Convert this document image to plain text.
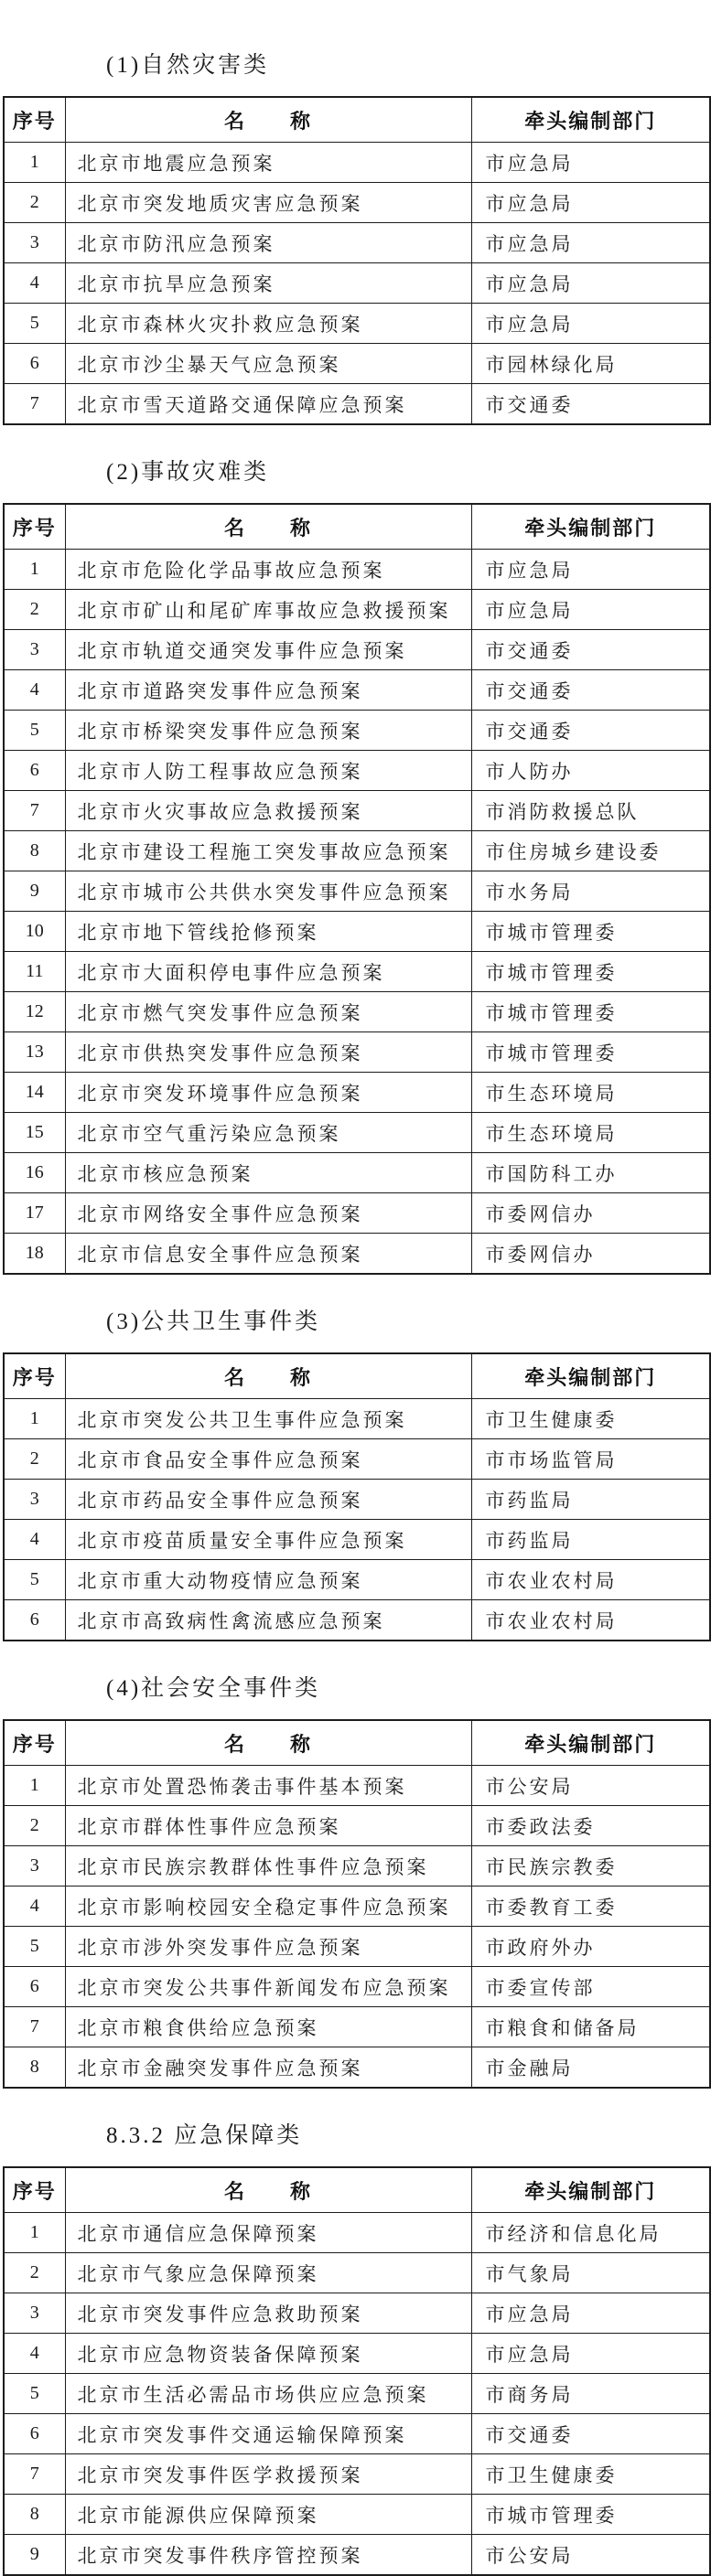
(1)自然灾害类
序号	名　　称	牵头编制部门
1	北京市地震应急预案	市应急局
2	北京市突发地质灾害应急预案	市应急局
3	北京市防汛应急预案	市应急局
4	北京市抗旱应急预案	市应急局
5	北京市森林火灾扑救应急预案	市应急局
6	北京市沙尘暴天气应急预案	市园林绿化局
7	北京市雪天道路交通保障应急预案	市交通委
(2)事故灾难类
序号	名　　称	牵头编制部门
1	北京市危险化学品事故应急预案	市应急局
2	北京市矿山和尾矿库事故应急救援预案	市应急局
3	北京市轨道交通突发事件应急预案	市交通委
4	北京市道路突发事件应急预案	市交通委
5	北京市桥梁突发事件应急预案	市交通委
6	北京市人防工程事故应急预案	市人防办
7	北京市火灾事故应急救援预案	市消防救援总队
8	北京市建设工程施工突发事故应急预案	市住房城乡建设委
9	北京市城市公共供水突发事件应急预案	市水务局
10	北京市地下管线抢修预案	市城市管理委
11	北京市大面积停电事件应急预案	市城市管理委
12	北京市燃气突发事件应急预案	市城市管理委
13	北京市供热突发事件应急预案	市城市管理委
14	北京市突发环境事件应急预案	市生态环境局
15	北京市空气重污染应急预案	市生态环境局
16	北京市核应急预案	市国防科工办
17	北京市网络安全事件应急预案	市委网信办
18	北京市信息安全事件应急预案	市委网信办
(3)公共卫生事件类
序号	名　　称	牵头编制部门
1	北京市突发公共卫生事件应急预案	市卫生健康委
2	北京市食品安全事件应急预案	市市场监管局
3	北京市药品安全事件应急预案	市药监局
4	北京市疫苗质量安全事件应急预案	市药监局
5	北京市重大动物疫情应急预案	市农业农村局
6	北京市高致病性禽流感应急预案	市农业农村局
(4)社会安全事件类
序号	名　　称	牵头编制部门
1	北京市处置恐怖袭击事件基本预案	市公安局
2	北京市群体性事件应急预案	市委政法委
3	北京市民族宗教群体性事件应急预案	市民族宗教委
4	北京市影响校园安全稳定事件应急预案	市委教育工委
5	北京市涉外突发事件应急预案	市政府外办
6	北京市突发公共事件新闻发布应急预案	市委宣传部
7	北京市粮食供给应急预案	市粮食和储备局
8	北京市金融突发事件应急预案	市金融局
8.3.2 应急保障类
序号	名　　称	牵头编制部门
1	北京市通信应急保障预案	市经济和信息化局
2	北京市气象应急保障预案	市气象局
3	北京市突发事件应急救助预案	市应急局
4	北京市应急物资装备保障预案	市应急局
5	北京市生活必需品市场供应应急预案	市商务局
6	北京市突发事件交通运输保障预案	市交通委
7	北京市突发事件医学救援预案	市卫生健康委
8	北京市能源供应保障预案	市城市管理委
9	北京市突发事件秩序管控预案	市公安局
